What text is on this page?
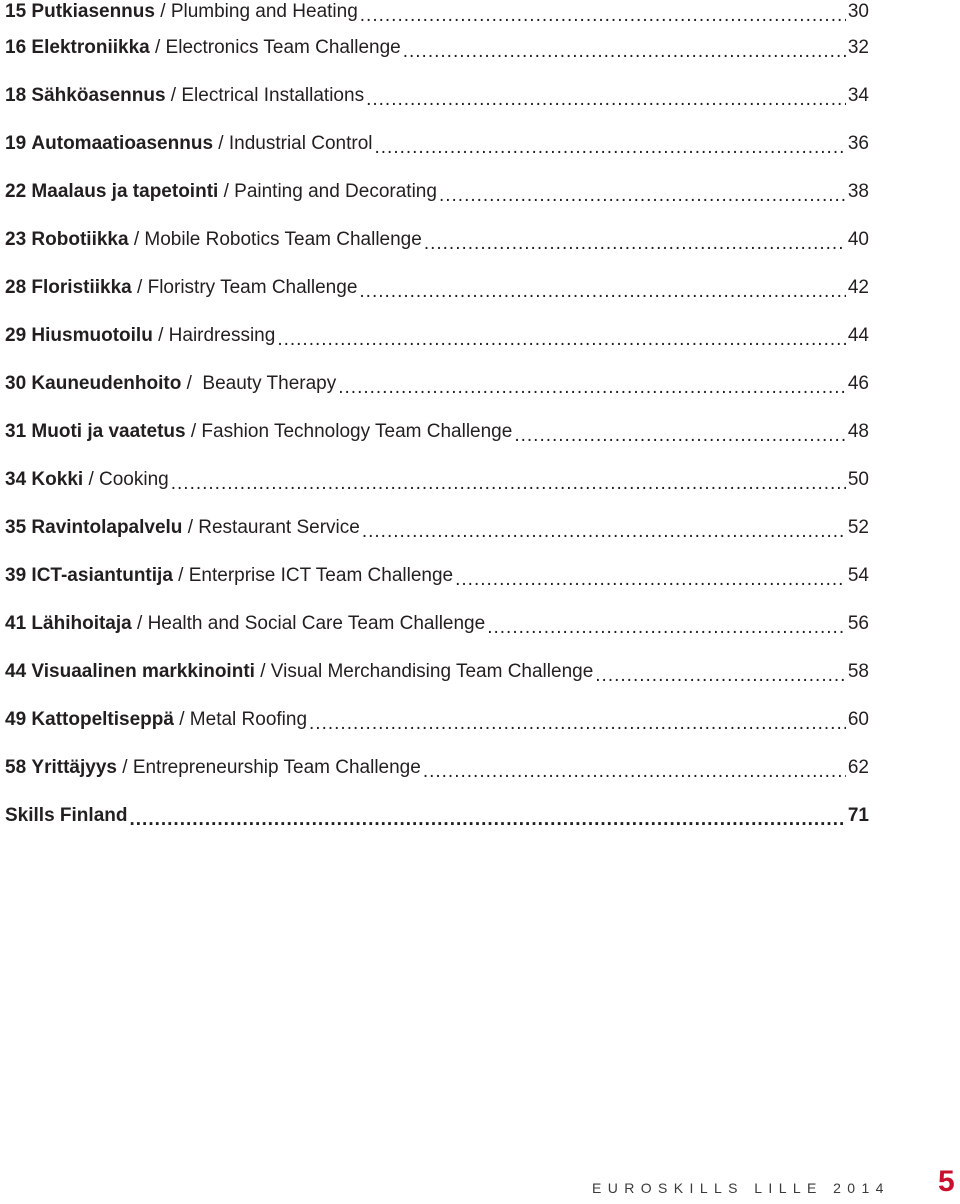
15 Putkiasennus / Plumbing and Heating .....	30
16 Elektroniikka / Electronics Team Challenge .....	32
18 Sähköasennus / Electrical Installations .....	34
19 Automaatioasennus / Industrial Control .....	36
22 Maalaus ja tapetointi / Painting and Decorating .....	38
23 Robotiikka / Mobile Robotics Team Challenge .....	40
28 Floristiikka / Floristry Team Challenge .....	42
29 Hiusmuotoilu / Hairdressing .....	44
30 Kauneudenhoito /  Beauty Therapy .....	46
31 Muoti ja vaatetus / Fashion Technology Team Challenge .....	48
34 Kokki / Cooking .....	50
35 Ravintolapalvelu / Restaurant Service .....	52
39 ICT-asiantuntija / Enterprise ICT Team Challenge .....	54
41 Lähihoitaja / Health and Social Care Team Challenge .....	56
44 Visuaalinen markkinointi / Visual Merchandising Team Challenge .....	58
49 Kattopeltiseppä / Metal Roofing .....	60
58 Yrittäjyys / Entrepreneurship Team Challenge .....	62
Skills Finland .....	71
EUROSKILLS LILLE 2014 5
